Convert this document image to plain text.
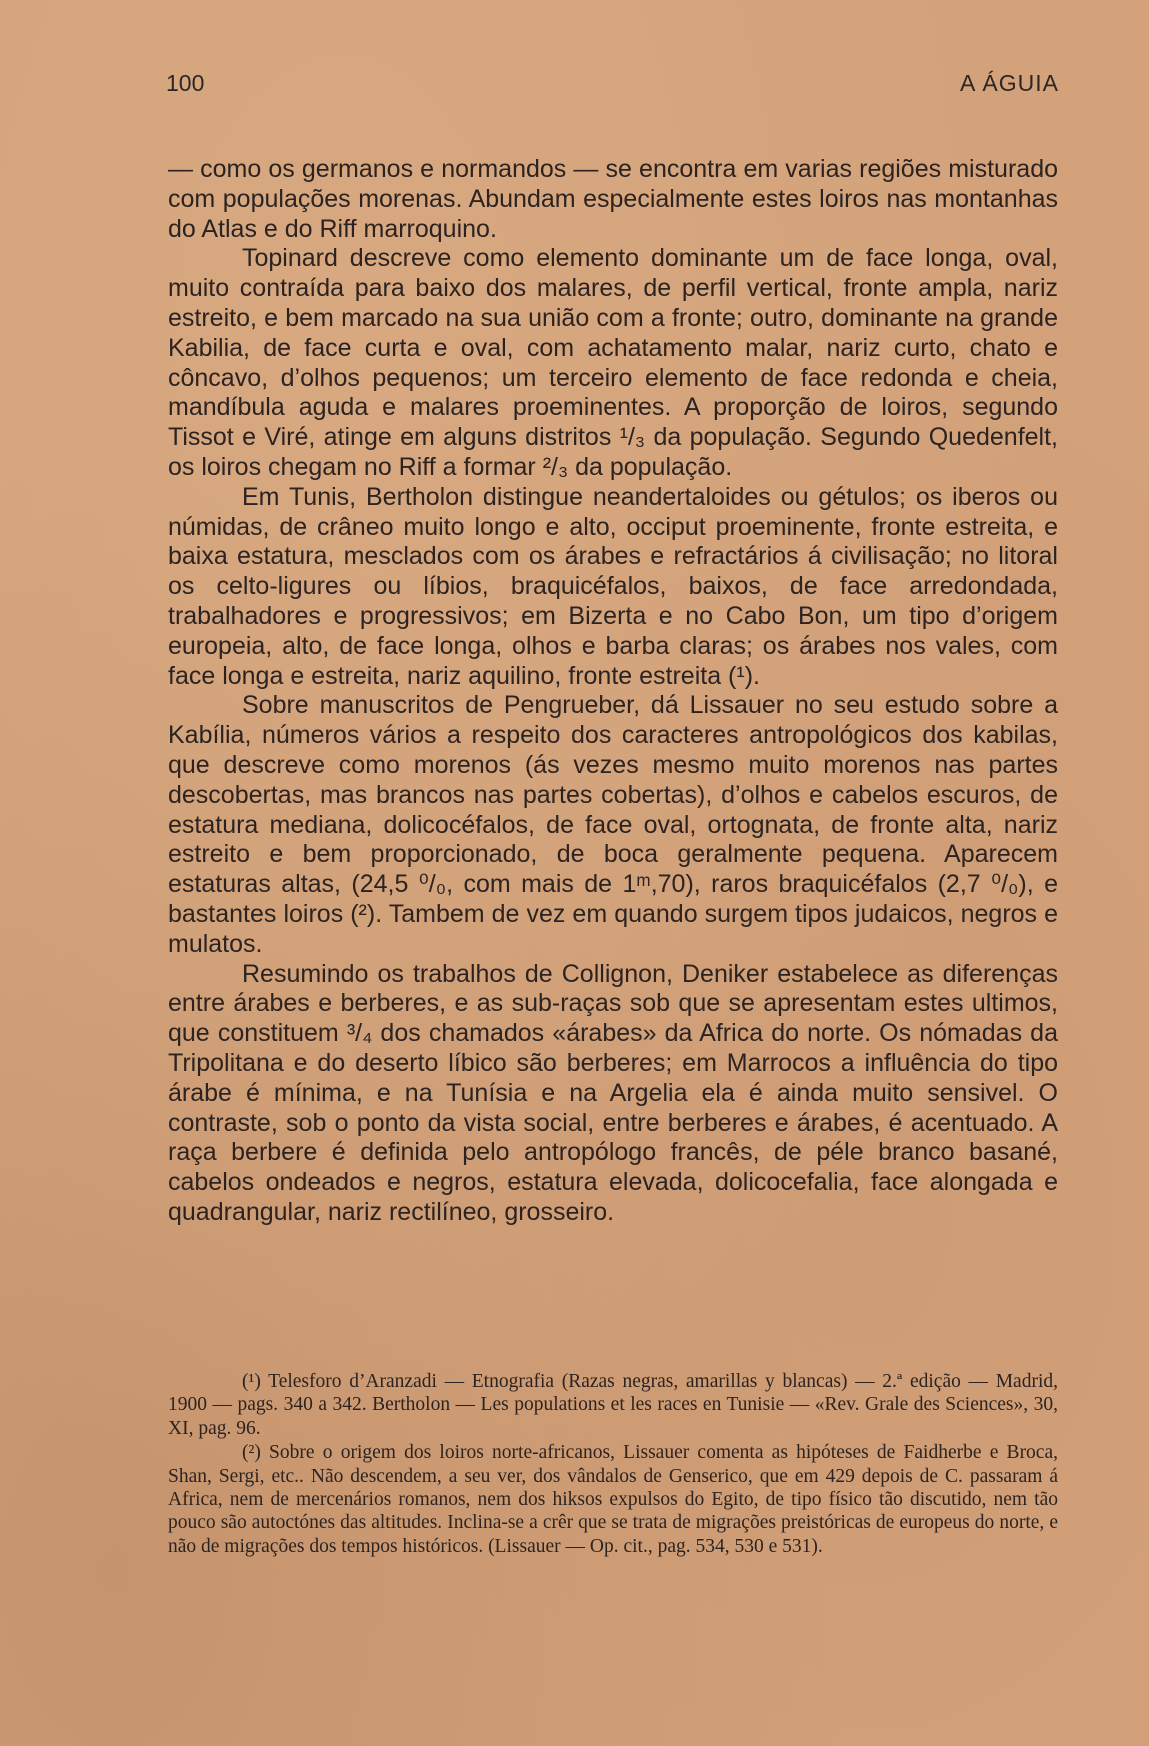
100	A ÁGUIA

— como os germanos e normandos — se encontra em varias regiões misturado com populações morenas. Abundam especialmente estes loiros nas montanhas do Atlas e do Riff marroquino.

Topinard descreve como elemento dominante um de face longa, oval, muito contraída para baixo dos malares, de perfil vertical, fronte ampla, nariz estreito, e bem marcado na sua união com a fronte; outro, dominante na grande Kabilia, de face curta e oval, com achatamento malar, nariz curto, chato e côncavo, d’olhos pequenos; um terceiro elemento de face redonda e cheia, mandíbula aguda e malares proeminentes. A proporção de loiros, segundo Tissot e Viré, atinge em alguns distritos ¹/₃ da população. Segundo Quedenfelt, os loiros chegam no Riff a formar ²/₃ da população.

Em Tunis, Bertholon distingue neandertaloides ou gétulos; os iberos ou númidas, de crâneo muito longo e alto, occiput proeminente, fronte estreita, e baixa estatura, mesclados com os árabes e refractários á civilisação; no litoral os celto-ligures ou líbios, braquicéfalos, baixos, de face arredondada, trabalhadores e progressivos; em Bizerta e no Cabo Bon, um tipo d’origem europeia, alto, de face longa, olhos e barba claras; os árabes nos vales, com face longa e estreita, nariz aquilino, fronte estreita (¹).

Sobre manuscritos de Pengrueber, dá Lissauer no seu estudo sobre a Kabília, números vários a respeito dos caracteres antropológicos dos kabilas, que descreve como morenos (ás vezes mesmo muito morenos nas partes descobertas, mas brancos nas partes cobertas), d’olhos e cabelos escuros, de estatura mediana, dolicocéfalos, de face oval, ortognata, de fronte alta, nariz estreito e bem proporcionado, de boca geralmente pequena. Aparecem estaturas altas, (24,5 ⁰/₀, com mais de 1ᵐ,70), raros braquicéfalos (2,7 ⁰/₀), e bastantes loiros (²). Tambem de vez em quando surgem tipos judaicos, negros e mulatos.

Resumindo os trabalhos de Collignon, Deniker estabelece as diferenças entre árabes e berberes, e as sub-raças sob que se apresentam estes ultimos, que constituem ³/₄ dos chamados «árabes» da Africa do norte. Os nómadas da Tripolitana e do deserto líbico são berberes; em Marrocos a influência do tipo árabe é mínima, e na Tunísia e na Argelia ela é ainda muito sensivel. O contraste, sob o ponto da vista social, entre berberes e árabes, é acentuado. A raça berbere é definida pelo antropólogo francês, de péle branco basané, cabelos ondeados e negros, estatura elevada, dolicocefalia, face alongada e quadrangular, nariz rectilíneo, grosseiro.

(¹) Telesforo d’Aranzadi — Etnografia (Razas negras, amarillas y blancas) — 2.ª edição — Madrid, 1900 — pags. 340 a 342. Bertholon — Les populations et les races en Tunisie — «Rev. Grale des Sciences», 30, XI, pag. 96.

(²) Sobre o origem dos loiros norte-africanos, Lissauer comenta as hipóteses de Faidherbe e Broca, Shan, Sergi, etc.. Não descendem, a seu ver, dos vândalos de Genserico, que em 429 depois de C. passaram á Africa, nem de mercenários romanos, nem dos hiksos expulsos do Egito, de tipo físico tão discutido, nem tão pouco são autoctónes das altitudes. Inclina-se a crêr que se trata de migrações preistóricas de europeus do norte, e não de migrações dos tempos históricos. (Lissauer — Op. cit., pag. 534, 530 e 531).
